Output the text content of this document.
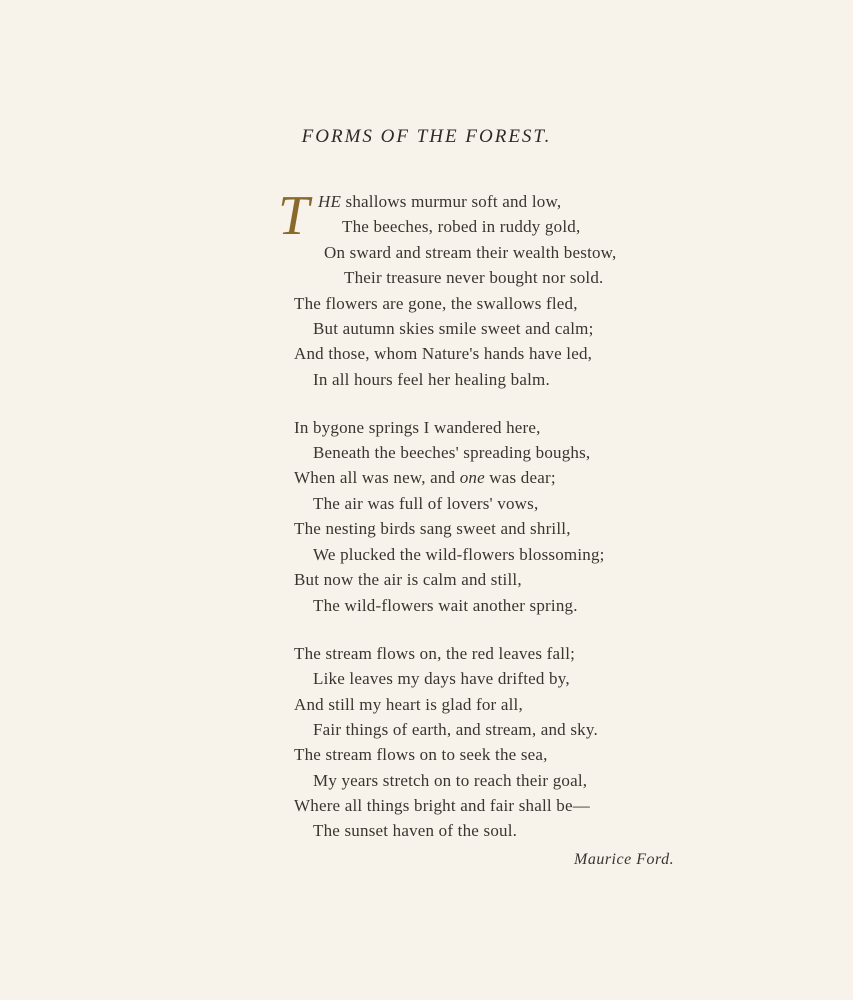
FORMS OF THE FOREST.
T HE shallows murmur soft and low,
The beeches, robed in ruddy gold,
On sward and stream their wealth bestow,
Their treasure never bought nor sold.
The flowers are gone, the swallows fled,
But autumn skies smile sweet and calm;
And those, whom Nature's hands have led,
In all hours feel her healing balm.
In bygone springs I wandered here,
Beneath the beeches' spreading boughs,
When all was new, and one was dear;
The air was full of lovers' vows,
The nesting birds sang sweet and shrill,
We plucked the wild-flowers blossoming;
But now the air is calm and still,
The wild-flowers wait another spring.
The stream flows on, the red leaves fall;
Like leaves my days have drifted by,
And still my heart is glad for all,
Fair things of earth, and stream, and sky.
The stream flows on to seek the sea,
My years stretch on to reach their goal,
Where all things bright and fair shall be—
The sunset haven of the soul.
Maurice Ford.
